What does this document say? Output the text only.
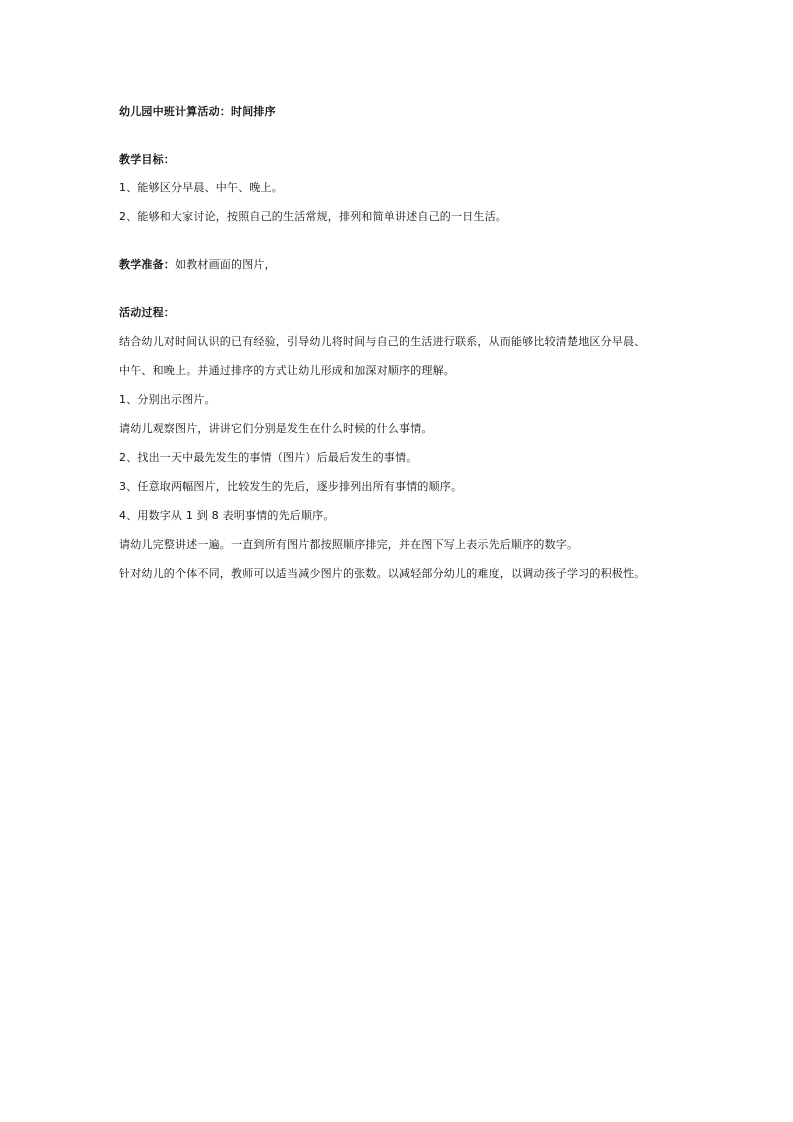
幼儿园中班计算活动：时间排序
教学目标：
1、能够区分早晨、中午、晚上。
2、能够和大家讨论，按照自己的生活常规，排列和简单讲述自己的一日生活。
教学准备：如教材画面的图片，
活动过程：
结合幼儿对时间认识的已有经验，引导幼儿将时间与自己的生活进行联系，从而能够比较清楚地区分早晨、
中午、和晚上。并通过排序的方式让幼儿形成和加深对顺序的理解。
1、分别出示图片。
请幼儿观察图片，讲讲它们分别是发生在什么时候的什么事情。
2、找出一天中最先发生的事情（图片）后最后发生的事情。
3、任意取两幅图片，比较发生的先后，逐步排列出所有事情的顺序。
4、用数字从 1 到 8 表明事情的先后顺序。
请幼儿完整讲述一遍。一直到所有图片都按照顺序排完，并在图下写上表示先后顺序的数字。
针对幼儿的个体不同，教师可以适当减少图片的张数。以减轻部分幼儿的难度，以调动孩子学习的积极性。
